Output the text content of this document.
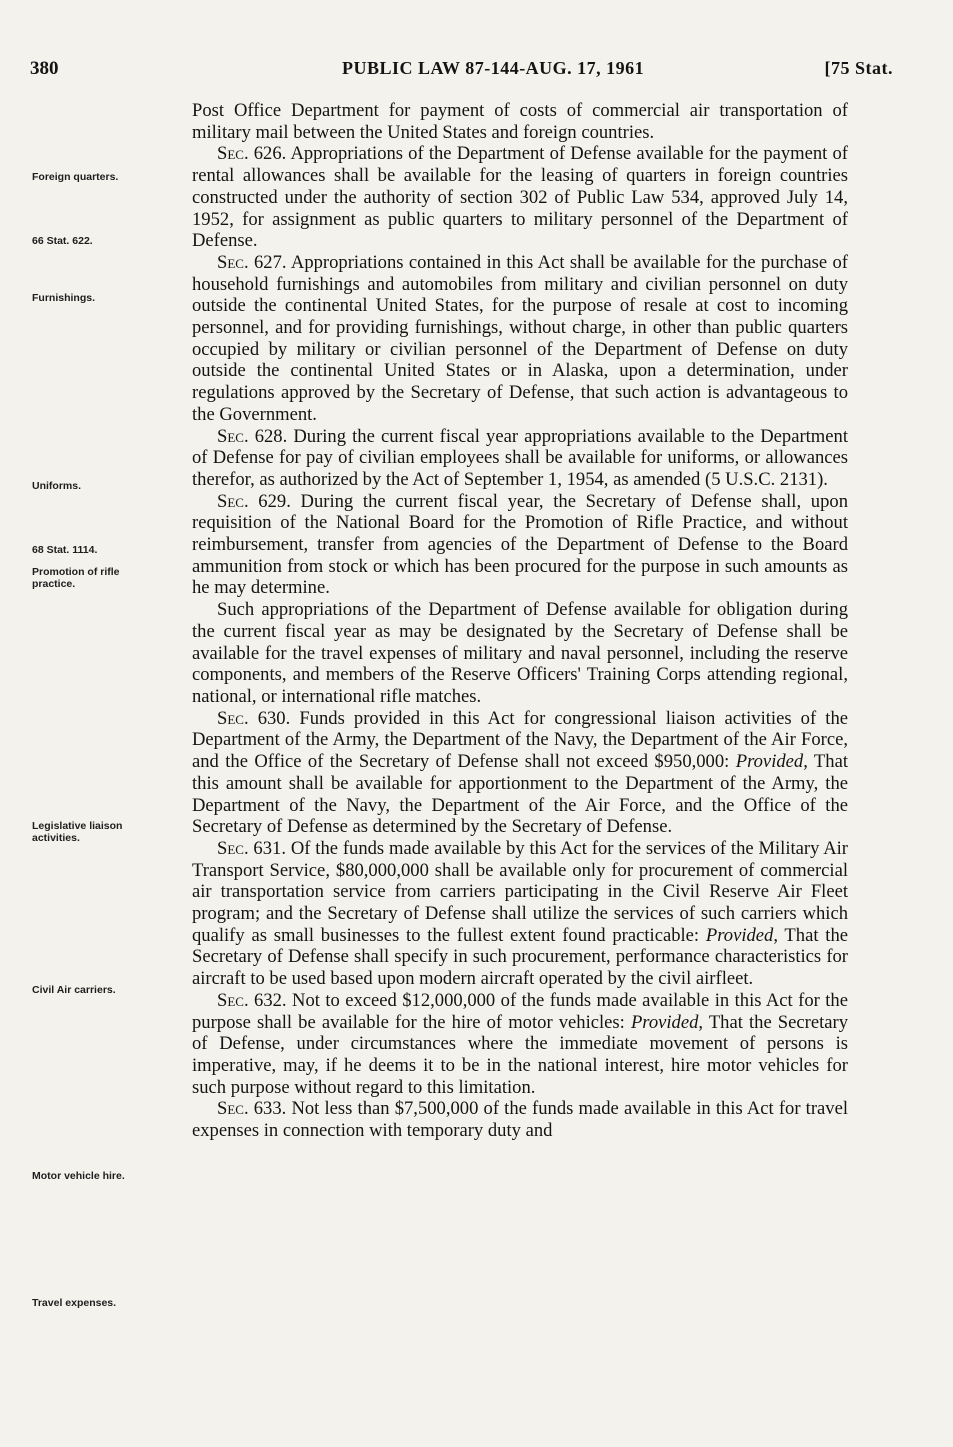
380	PUBLIC LAW 87-144-AUG. 17, 1961	[75 Stat.
Foreign quarters.
66 Stat. 622.
Furnishings.
Uniforms.
68 Stat. 1114.
Promotion of rifle practice.
Legislative liaison activities.
Civil Air carriers.
Motor vehicle hire.
Travel expenses.

Post Office Department for payment of costs of commercial air transportation of military mail between the United States and foreign countries.

Sec. 626. Appropriations of the Department of Defense available for the payment of rental allowances shall be available for the leasing of quarters in foreign countries constructed under the authority of section 302 of Public Law 534, approved July 14, 1952, for assignment as public quarters to military personnel of the Department of Defense.

Sec. 627. Appropriations contained in this Act shall be available for the purchase of household furnishings and automobiles from military and civilian personnel on duty outside the continental United States, for the purpose of resale at cost to incoming personnel, and for providing furnishings, without charge, in other than public quarters occupied by military or civilian personnel of the Department of Defense on duty outside the continental United States or in Alaska, upon a determination, under regulations approved by the Secretary of Defense, that such action is advantageous to the Government.

Sec. 628. During the current fiscal year appropriations available to the Department of Defense for pay of civilian employees shall be available for uniforms, or allowances therefor, as authorized by the Act of September 1, 1954, as amended (5 U.S.C. 2131).

Sec. 629. During the current fiscal year, the Secretary of Defense shall, upon requisition of the National Board for the Promotion of Rifle Practice, and without reimbursement, transfer from agencies of the Department of Defense to the Board ammunition from stock or which has been procured for the purpose in such amounts as he may determine.

Such appropriations of the Department of Defense available for obligation during the current fiscal year as may be designated by the Secretary of Defense shall be available for the travel expenses of military and naval personnel, including the reserve components, and members of the Reserve Officers' Training Corps attending regional, national, or international rifle matches.

Sec. 630. Funds provided in this Act for congressional liaison activities of the Department of the Army, the Department of the Navy, the Department of the Air Force, and the Office of the Secretary of Defense shall not exceed $950,000: Provided, That this amount shall be available for apportionment to the Department of the Army, the Department of the Navy, the Department of the Air Force, and the Office of the Secretary of Defense as determined by the Secretary of Defense.

Sec. 631. Of the funds made available by this Act for the services of the Military Air Transport Service, $80,000,000 shall be available only for procurement of commercial air transportation service from carriers participating in the Civil Reserve Air Fleet program; and the Secretary of Defense shall utilize the services of such carriers which qualify as small businesses to the fullest extent found practicable: Provided, That the Secretary of Defense shall specify in such procurement, performance characteristics for aircraft to be used based upon modern aircraft operated by the civil airfleet.

Sec. 632. Not to exceed $12,000,000 of the funds made available in this Act for the purpose shall be available for the hire of motor vehicles: Provided, That the Secretary of Defense, under circumstances where the immediate movement of persons is imperative, may, if he deems it to be in the national interest, hire motor vehicles for such purpose without regard to this limitation.

Sec. 633. Not less than $7,500,000 of the funds made available in this Act for travel expenses in connection with temporary duty and
